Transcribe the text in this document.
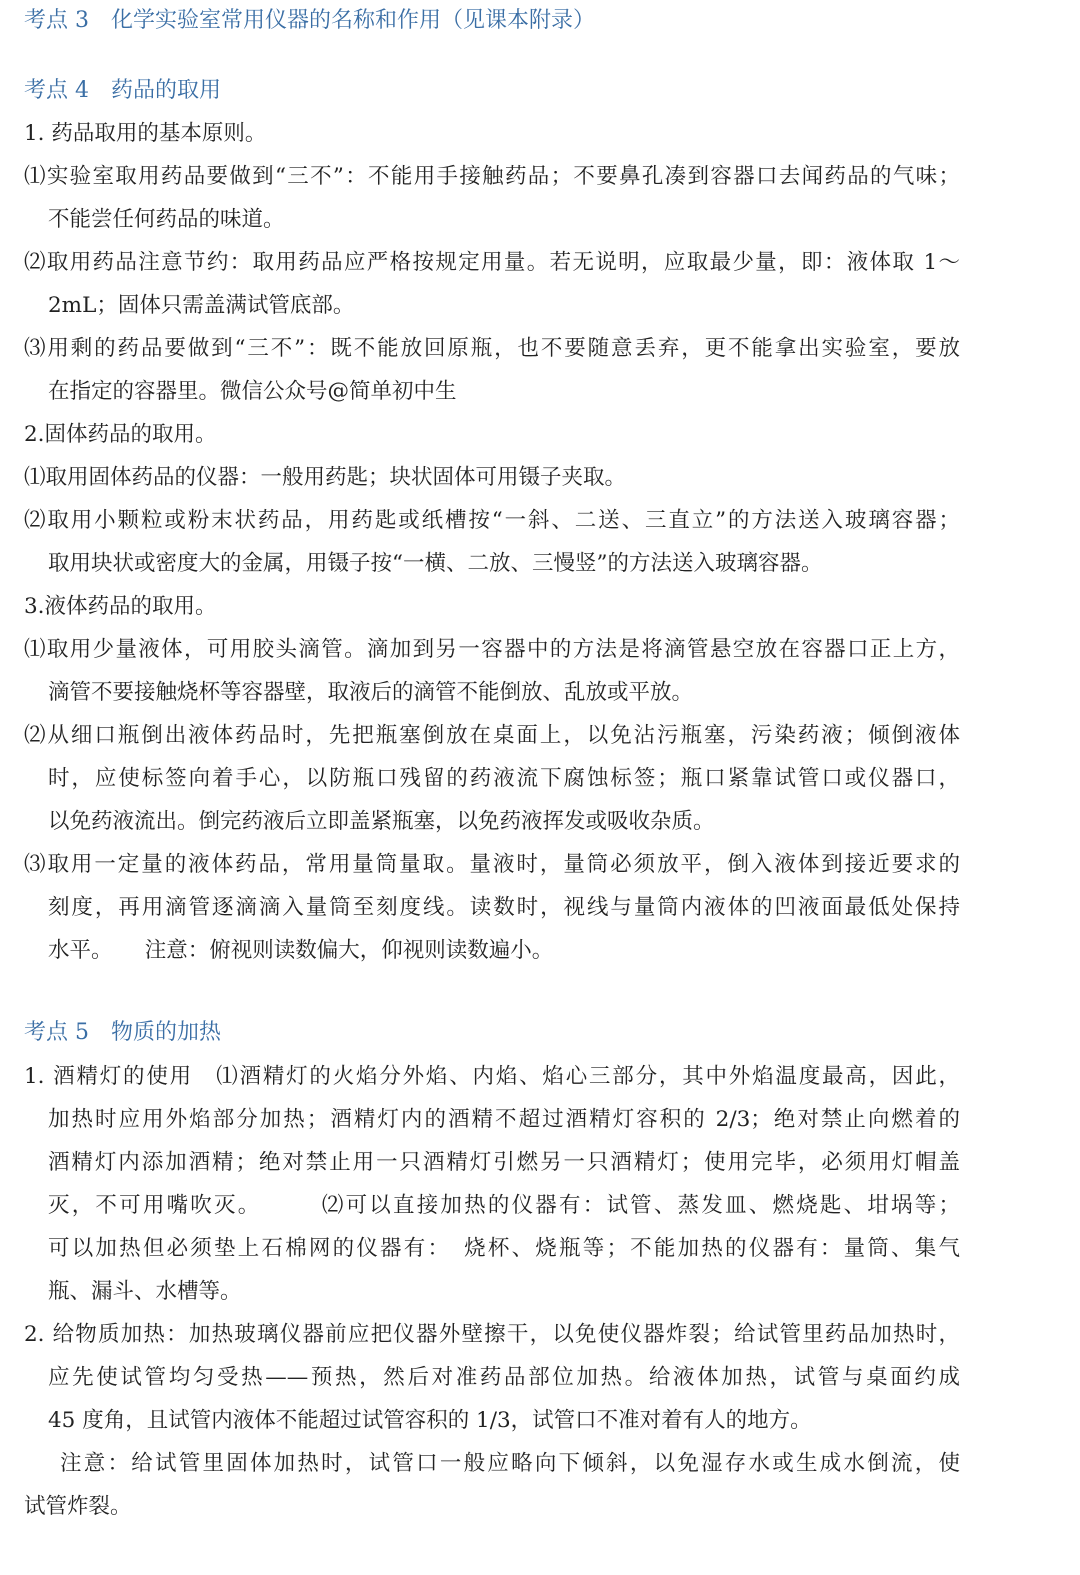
考点 3 化学实验室常用仪器的名称和作用（见课本附录）
考点 4 药品的取用
1. 药品取用的基本原则。
⑴实验室取用药品要做到“三不”：不能用手接触药品；不要鼻孔凑到容器口去闻药品的气味；
不能尝任何药品的味道。
⑵取用药品注意节约：取用药品应严格按规定用量。若无说明，应取最少量，即：液体取 1～
2mL；固体只需盖满试管底部。
⑶用剩的药品要做到“三不”：既不能放回原瓶，也不要随意丢弃，更不能拿出实验室，要放
在指定的容器里。微信公众号@简单初中生
2.固体药品的取用。
⑴取用固体药品的仪器：一般用药匙；块状固体可用镊子夹取。
⑵取用小颗粒或粉末状药品，用药匙或纸槽按“一斜、二送、三直立”的方法送入玻璃容器；
取用块状或密度大的金属，用镊子按“一横、二放、三慢竖”的方法送入玻璃容器。
3.液体药品的取用。
⑴取用少量液体，可用胶头滴管。滴加到另一容器中的方法是将滴管悬空放在容器口正上方，
滴管不要接触烧杯等容器壁，取液后的滴管不能倒放、乱放或平放。
⑵从细口瓶倒出液体药品时，先把瓶塞倒放在桌面上，以免沾污瓶塞，污染药液；倾倒液体
时，应使标签向着手心，以防瓶口残留的药液流下腐蚀标签；瓶口紧靠试管口或仪器口，
以免药液流出。倒完药液后立即盖紧瓶塞，以免药液挥发或吸收杂质。
⑶取用一定量的液体药品，常用量筒量取。量液时，量筒必须放平，倒入液体到接近要求的
刻度，再用滴管逐滴滴入量筒至刻度线。读数时，视线与量筒内液体的凹液面最低处保持
水平。　　注意：俯视则读数偏大，仰视则读数遍小。
考点 5 物质的加热
1. 酒精灯的使用　⑴酒精灯的火焰分外焰、内焰、焰心三部分，其中外焰温度最高，因此，
加热时应用外焰部分加热；酒精灯内的酒精不超过酒精灯容积的 2/3；绝对禁止向燃着的
酒精灯内添加酒精；绝对禁止用一只酒精灯引燃另一只酒精灯；使用完毕，必须用灯帽盖
灭，不可用嘴吹灭。　　　⑵可以直接加热的仪器有：试管、蒸发皿、燃烧匙、坩埚等；
可以加热但必须垫上石棉网的仪器有：　烧杯、烧瓶等；不能加热的仪器有：量筒、集气
瓶、漏斗、水槽等。
2. 给物质加热：加热玻璃仪器前应把仪器外壁擦干，以免使仪器炸裂；给试管里药品加热时，
应先使试管均匀受热——预热，然后对准药品部位加热。给液体加热，试管与桌面约成
45 度角，且试管内液体不能超过试管容积的 1/3，试管口不准对着有人的地方。
注意：给试管里固体加热时，试管口一般应略向下倾斜，以免湿存水或生成水倒流，使
试管炸裂。
